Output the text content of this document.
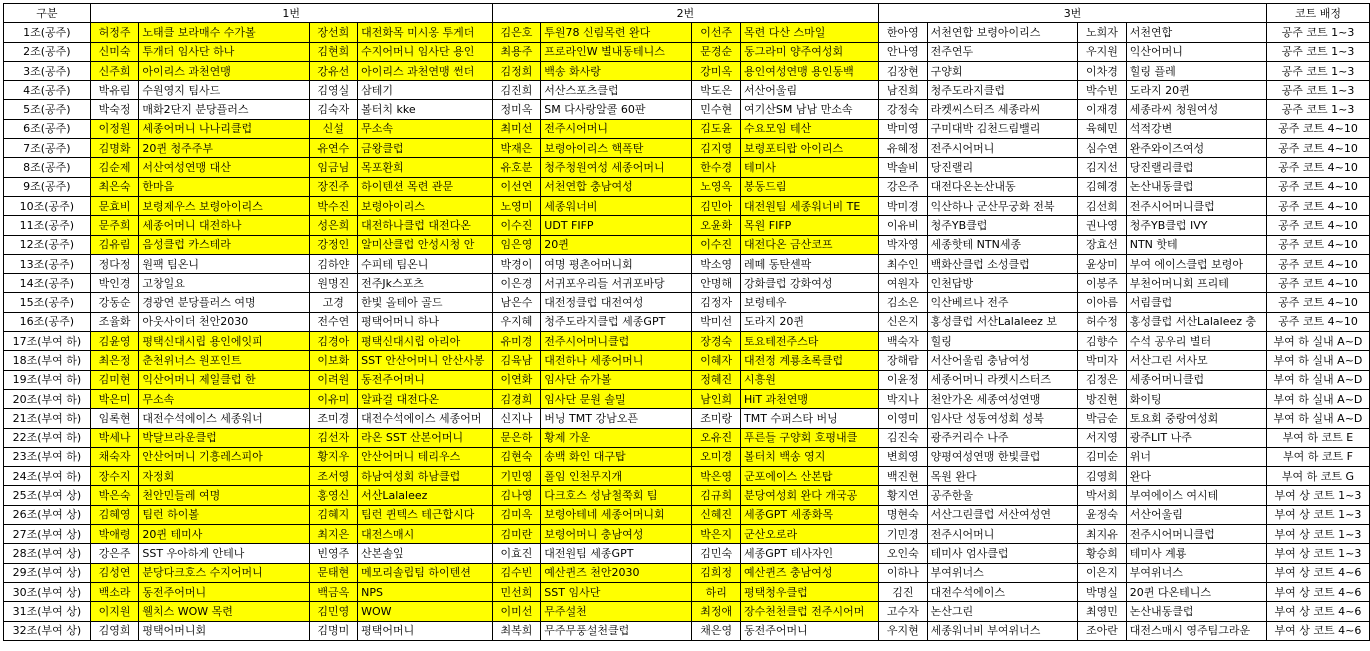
구분	1번				2번				3번				코트 배정
1조(공주)	허정주	노태클 보라매수 수가볼	장선희	대전화목 미시옹 투게더	김은호	투원78 신림목련 완다	이선주	목련 다산 스마일	한아영	서천연합 보령아이리스	노희자	서천연합	공주 코트 1~3
2조(공주)	신미숙	투개더 임사단 하나	김현희	수지어머니 임사단 용인	최용주	프로라인W 별내동테니스	문경순	동그라미 양주여성회	안나영	전주연두	우지원	익산어머니	공주 코트 1~3
3조(공주)	신주희	아이리스 과천연맹	강유선	아이리스 과천연맹 썬더	김정희	백송 화사랑	강미옥	용인여성연맹 용인동백	김장현	구양회	이차경	힐링 플레	공주 코트 1~3
4조(공주)	박유림	수원영지 팀사드	김영실	삼테기	김진희	서산스포츠클럽	박도은	서산어울림	남진희	청주도라지클럽	박수빈	도라지 20퀸	공주 코트 1~3
5조(공주)	박숙정	매화2단지 분당플러스	김숙자	볼터치 kke	정미옥	SM 다사랑알콜 60판	민수현	여기산SM 남남 만소속	강정숙	라켓씨스터즈 세종라씨	이재경	세종라씨 청원여성	공주 코트 1~3
6조(공주)	이정원	세종어머니 나나리클럽	신설	무소속	최미선	전주시어머니	김도윤	수요모임 테산	박미영	구미대박 김천드림밸리	육혜민	석적강변	공주 코트 4~10
7조(공주)	김명화	20퀸 청주주부	유연수	금왕클럽	박재은	보령아이리스 핵폭탄	김지영	보령포티랍 아이리스	유혜정	전주시어머니	심수연	완주와이즈여성	공주 코트 4~10
8조(공주)	김순제	서산여성연맹 대산	임금님	목포환희	유호분	청주청원여성 세종어머니	한수경	테미사	박솔비	당진랠리	김지선	당진랠리클럽	공주 코트 4~10
9조(공주)	최은숙	한마음	장진주	하이텐션 목련 관문	이선연	서천연합 충남여성	노영옥	봉동드림	강은주	대전다온논산내동	김혜경	논산내동클럽	공주 코트 4~10
10조(공주)	문효비	보령제우스 보령아이리스	박수진	보령아이리스	노영미	세종워너비	김민아	대전원팀 세종워너비 TE	박미경	익산하나 군산무궁화 전북	김선희	전주시어머니클럽	공주 코트 4~10
11조(공주)	문주희	세종어머니 대전하나	성은희	대전하나클럽 대전다온	이수진	UDT FIFP	오윤화	목원 FIFP	이유비	청주YB클럽	권나영	청주YB클럽 IVY	공주 코트 4~10
12조(공주)	김유림	음성클럽 카스테라	강정인	알미산클럽 안성시청 안	임은영	20퀸	이수진	대전다온 금산코프	박자영	세종핫테 NTN세종	장효선	NTN 핫테	공주 코트 4~10
13조(공주)	정다정	원팩 팀온니	김하얀	수피테 팀온니	박경이	여명 평촌어머니회	박소영	레떼 동탄센팍	최수인	백화산클럽 소성클럽	윤상미	부여 에이스클럽 보령아	공주 코트 4~10
14조(공주)	박인경	고창일요	원명진	전주Jk스포츠	이은경	서귀포우리들 서귀포바당	안명해	강화클럽 강화여성	여원자	인천답방	이봉주	부천어머니회 프리테	공주 코트 4~10
15조(공주)	강동순	경광연 분당플러스 여명	고경	한빛 올테아 골드	남은수	대전정클럽 대전여성	김정자	보령테우	김소은	익산베르나 전주	이아름	서림클럽	공주 코트 4~10
16조(공주)	조율화	아웃사이더 천안2030	전수연	평택어머니 하나	우지혜	청주도라지클럽 세종GPT	박미선	도라지 20퀸	신은지	홍성클럽 서산Lalaleez 보	허수정	홍성클럽 서산Lalaleez 충	공주 코트 4~10
17조(부여 하)	김윤영	평택신대시립 용인에잇피	김경아	평택신대시립 아리아	유미경	전주시어머니클럽	장경숙	토요테전주스타	백숙자	힐링	김향수	수석 공우리 별터	부여 하 실내 A~D
18조(부여 하)	최은정	춘천위너스 원포인트	이보화	SST 안산어머니 안산사봉	김육남	대전하나 세종어머니	이혜자	대전정 계룡초록클럽	장해람	서산어울림 충남여성	박미자	서산그린 서사모	부여 하 실내 A~D
19조(부여 하)	김미현	익산어머니 제일클럽 한	이려원	동전주어머니	이연화	임사단 슈가볼	정혜진	시흥원	이윤정	세종어머니 라켓시스터즈	김정은	세종어머니클럽	부여 하 실내 A~D
20조(부여 하)	박은미	무소속	이유미	알파걸 대전다온	김경희	임사단 문원 솔밀	남인희	HiT 과천연맹	박지나	천안가온 세종여성연맹	방진현	화이팅	부여 하 실내 A~D
21조(부여 하)	임록현	대전수석에이스 세종워너	조미경	대전수석에이스 세종어머	신지나	버닝 TMT 강남오픈	조미랑	TMT 수퍼스타 버닝	이영미	임사단 성동여성회 성북	박금순	토요회 중랑여성회	부여 하 실내 A~D
22조(부여 하)	박세나	박달브라운클럽	김선자	라온 SST 산본어머니	문은하	황제 가운	오유진	푸른들 구양회 호평내클	김진숙	광주커리수 나주	서지영	광주LIT 나주	부여 하 코트 E
23조(부여 하)	채숙자	안산어머니 기흥레스피아	황지우	안산어머니 테리우스	김현숙	송백 화인 대구탑	오미경	볼터치 백송 영지	변희영	양평여성연맹 한빛클럽	김미순	위너	부여 하 코트 F
24조(부여 하)	장수지	자정회	조서영	하남여성회 하남클럽	기민영	폴임 인천무지개	박은영	군포에이스 산본탑	백진현	목원 완다	김영희	완다	부여 하 코트 G
25조(부여 상)	박은숙	천안민들레 여명	홍영신	서산Lalaleez	김나영	다크호스 성남철쭉회 팀	김규희	분당여성회 완다 개국공	황지연	공주한울	박서희	부여에이스 여시테	부여 상 코트 1~3
26조(부여 상)	김혜영	팀런 하이볼	김혜지	팀런 퀸텍스 테근합시다	김미옥	보령아테네 세종어머니회	신혜진	세종GPT 세종화목	명현숙	서산그린클럽 서산여성연	윤정숙	서산어울림	부여 상 코트 1~3
27조(부여 상)	박애령	20퀸 테미사	최지은	대전스매시	김미란	보령어머니 충남여성	박은지	군산오로라	기민경	전주시어머니	최지유	전주시어머니클럽	부여 상 코트 1~3
28조(부여 상)	강은주	SST 우아하게 안테나	빈영주	산본솔잎	이효진	대전원팀 세종GPT	김민숙	세종GPT 테사자인	오인숙	테미사 엄사클럽	황승희	테미사 계룡	부여 상 코트 1~3
29조(부여 상)	김성연	분당다크호스 수지어머니	문태현	메모리솔립팀 하이텐션	김수빈	예산퀸즈 천안2030	김희정	예산퀸즈 충남여성	이하나	부여위너스	이은지	부여위너스	부여 상 코트 4~6
30조(부여 상)	백소라	동전주어머니	백금옥	NPS	민선희	SST 임사단	하리	평택청우클럽	김진	대전수석에이스	박명실	20퀸 다온테니스	부여 상 코트 4~6
31조(부여 상)	이지원	웰치스 WOW 목련	김민영	WOW	이미선	무주설천	최정애	장수천천클럽 전주시어머	고수자	논산그린	최영민	논산내동클럽	부여 상 코트 4~6
32조(부여 상)	김영희	평택어머니회	김명미	평택어머니	최복희	무주무풍설천클럽	채은영	동전주어머니	우지현	세종워너비 부여위너스	조아란	대전스매시 영주팀그라운	부여 상 코트 4~6
